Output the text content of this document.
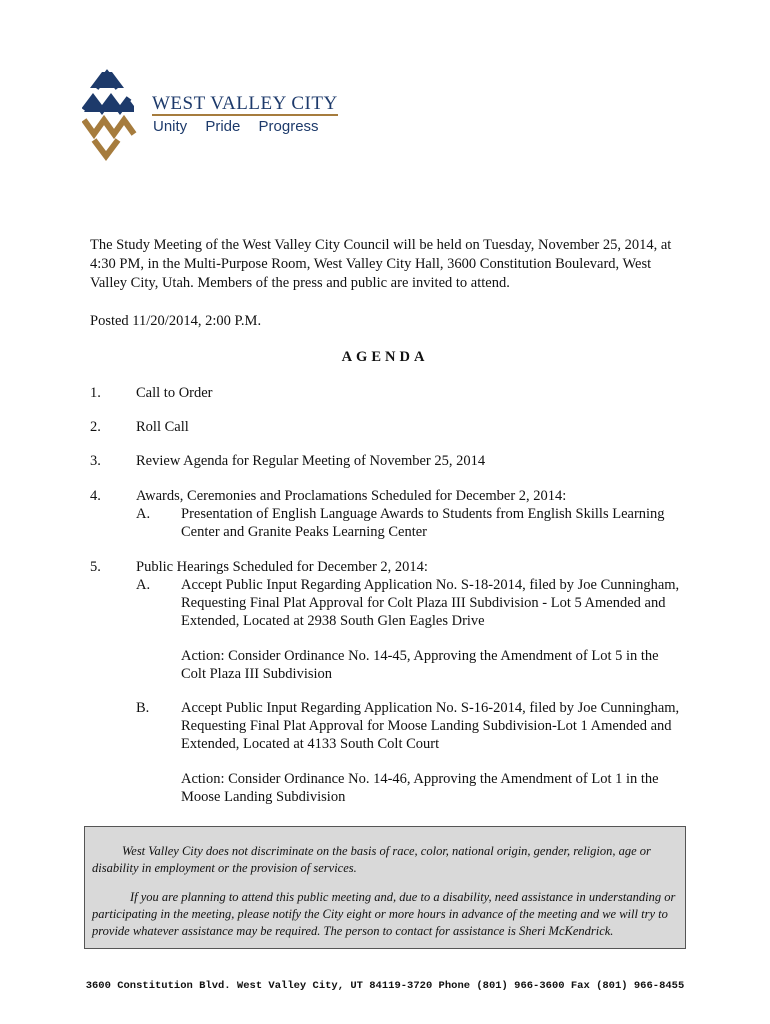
WEST VALLEY CITY
Unity Pride Progress
The Study Meeting of the West Valley City Council will be held on Tuesday, November 25, 2014, at 4:30 PM, in the Multi-Purpose Room, West Valley City Hall, 3600 Constitution Boulevard, West Valley City, Utah. Members of the press and public are invited to attend.
Posted 11/20/2014, 2:00 P.M.
AGENDA
1. Call to Order
2. Roll Call
3. Review Agenda for Regular Meeting of November 25, 2014
4. Awards, Ceremonies and Proclamations Scheduled for December 2, 2014:
A. Presentation of English Language Awards to Students from English Skills Learning Center and Granite Peaks Learning Center
5. Public Hearings Scheduled for December 2, 2014:
A. Accept Public Input Regarding Application No. S-18-2014, filed by Joe Cunningham, Requesting Final Plat Approval for Colt Plaza III Subdivision - Lot 5 Amended and Extended, Located at 2938 South Glen Eagles Drive
Action: Consider Ordinance No. 14-45, Approving the Amendment of Lot 5 in the Colt Plaza III Subdivision
B. Accept Public Input Regarding Application No. S-16-2014, filed by Joe Cunningham, Requesting Final Plat Approval for Moose Landing Subdivision-Lot 1 Amended and Extended, Located at 4133 South Colt Court
Action: Consider Ordinance No. 14-46, Approving the Amendment of Lot 1 in the Moose Landing Subdivision

West Valley City does not discriminate on the basis of race, color, national origin, gender, religion, age or disability in employment or the provision of services.

If you are planning to attend this public meeting and, due to a disability, need assistance in understanding or participating in the meeting, please notify the City eight or more hours in advance of the meeting and we will try to provide whatever assistance may be required. The person to contact for assistance is Sheri McKendrick.

3600 Constitution Blvd. West Valley City, UT 84119-3720 Phone (801) 966-3600 Fax (801) 966-8455
